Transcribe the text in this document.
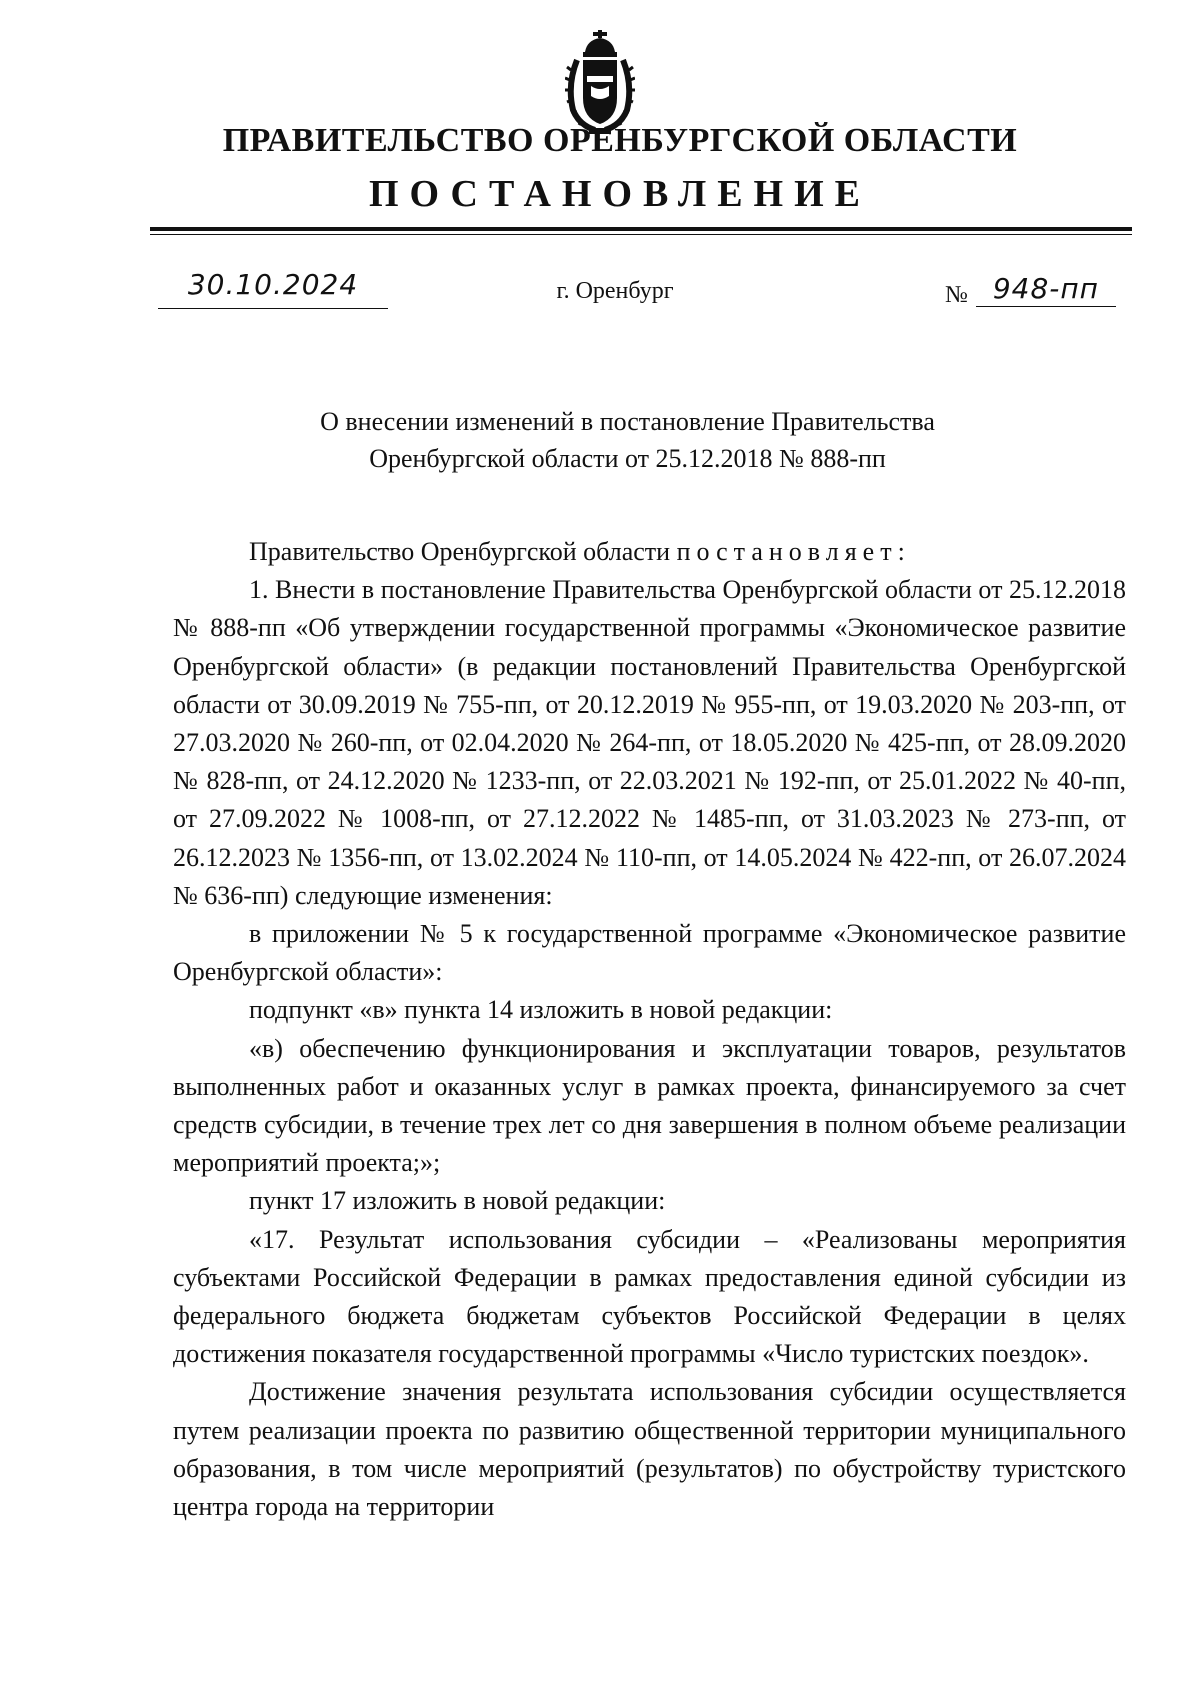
ПРАВИТЕЛЬСТВО ОРЕНБУРГСКОЙ ОБЛАСТИ
ПОСТАНОВЛЕНИЕ
30.10.2024	г. Оренбург	№ 948-пп
О внесении изменений в постановление Правительства
Оренбургской области от 25.12.2018 № 888-пп

Правительство Оренбургской области постановляет:

1. Внести в постановление Правительства Оренбургской области от 25.12.2018 № 888-пп «Об утверждении государственной программы «Экономическое развитие Оренбургской области» (в редакции постановлений Правительства Оренбургской области от 30.09.2019 № 755-пп, от 20.12.2019 № 955-пп, от 19.03.2020 № 203-пп, от 27.03.2020 № 260-пп, от 02.04.2020 № 264-пп, от 18.05.2020 № 425-пп, от 28.09.2020 № 828-пп, от 24.12.2020 № 1233-пп, от 22.03.2021 № 192-пп, от 25.01.2022 № 40-пп, от 27.09.2022 № 1008-пп, от 27.12.2022 № 1485-пп, от 31.03.2023 № 273-пп, от 26.12.2023 № 1356-пп, от 13.02.2024 № 110-пп, от 14.05.2024 № 422-пп, от 26.07.2024 № 636-пп) следующие изменения:

в приложении № 5 к государственной программе «Экономическое развитие Оренбургской области»:

подпункт «в» пункта 14 изложить в новой редакции:

«в) обеспечению функционирования и эксплуатации товаров, результатов выполненных работ и оказанных услуг в рамках проекта, финансируемого за счет средств субсидии, в течение трех лет со дня завершения в полном объеме реализации мероприятий проекта;»;

пункт 17 изложить в новой редакции:

«17. Результат использования субсидии – «Реализованы мероприятия субъектами Российской Федерации в рамках предоставления единой субсидии из федерального бюджета бюджетам субъектов Российской Федерации в целях достижения показателя государственной программы «Число туристских поездок».

Достижение значения результата использования субсидии осуществляется путем реализации проекта по развитию общественной территории муниципального образования, в том числе мероприятий (результатов) по обустройству туристского центра города на территории
